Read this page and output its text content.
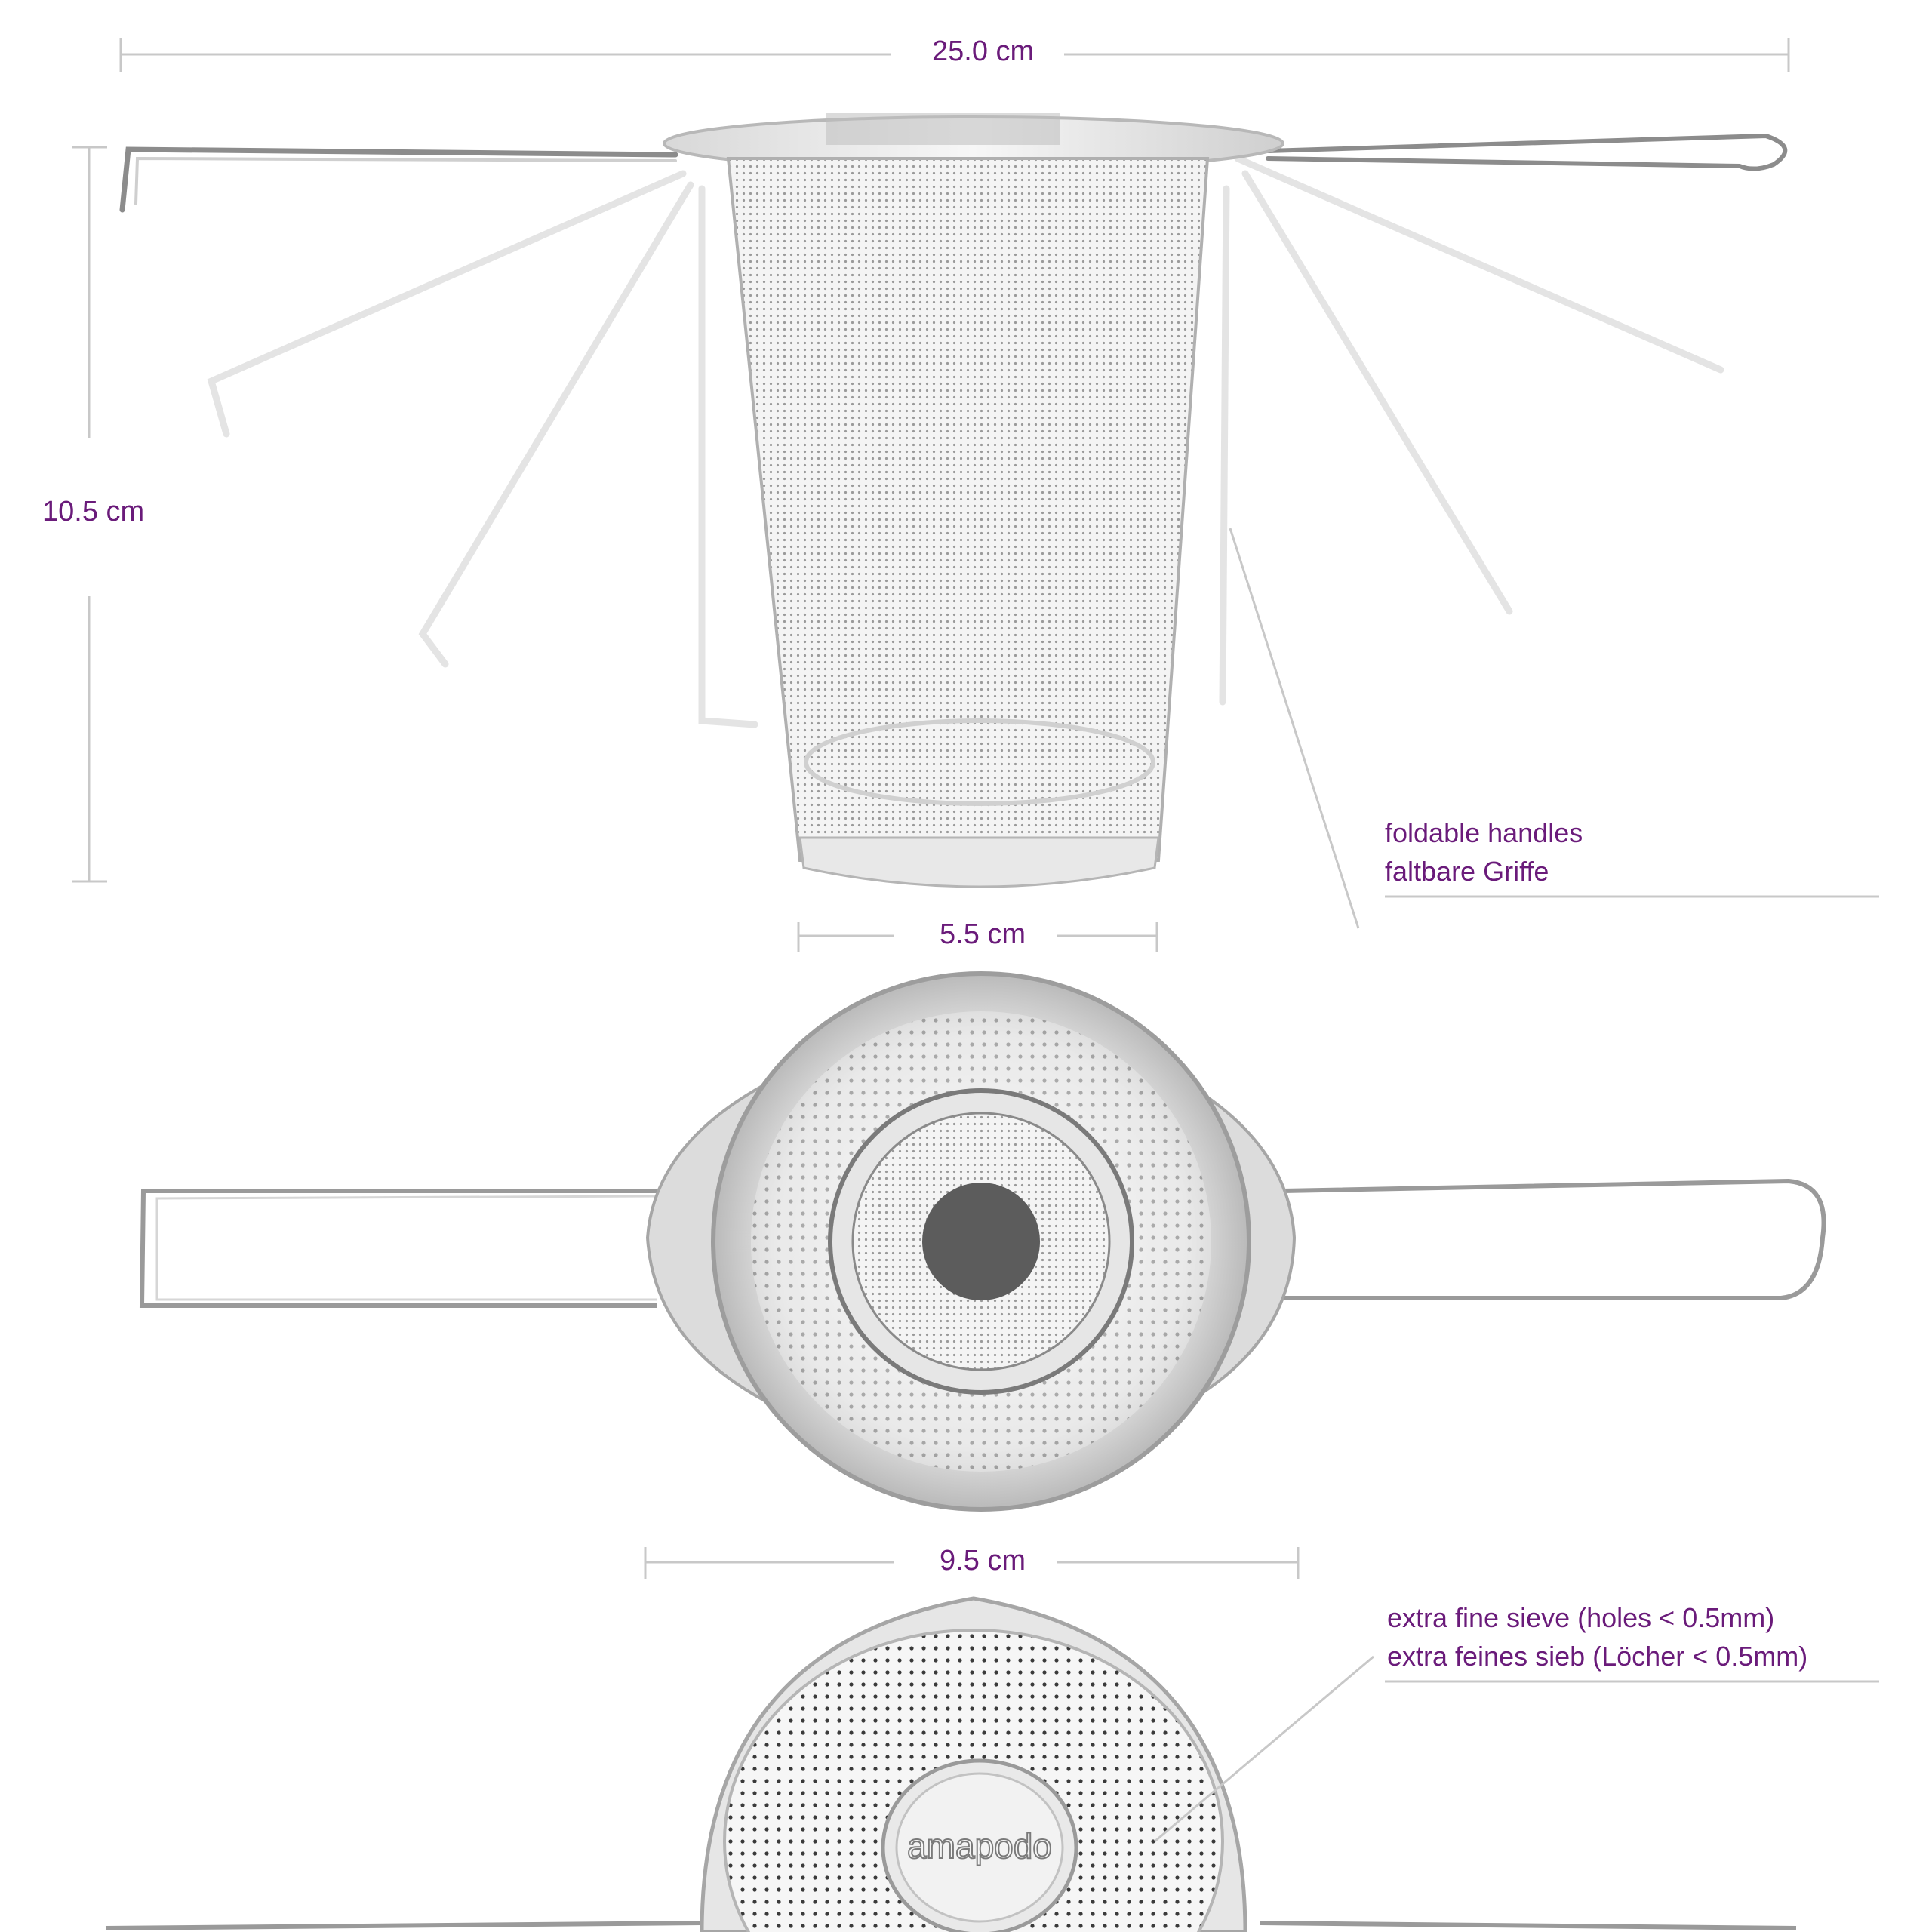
amapodo
25.0 cm
10.5 cm
5.5 cm
9.5 cm
foldable handles
faltbare Griffe
extra fine sieve (holes < 0.5mm)
extra feines sieb (Löcher < 0.5mm)
